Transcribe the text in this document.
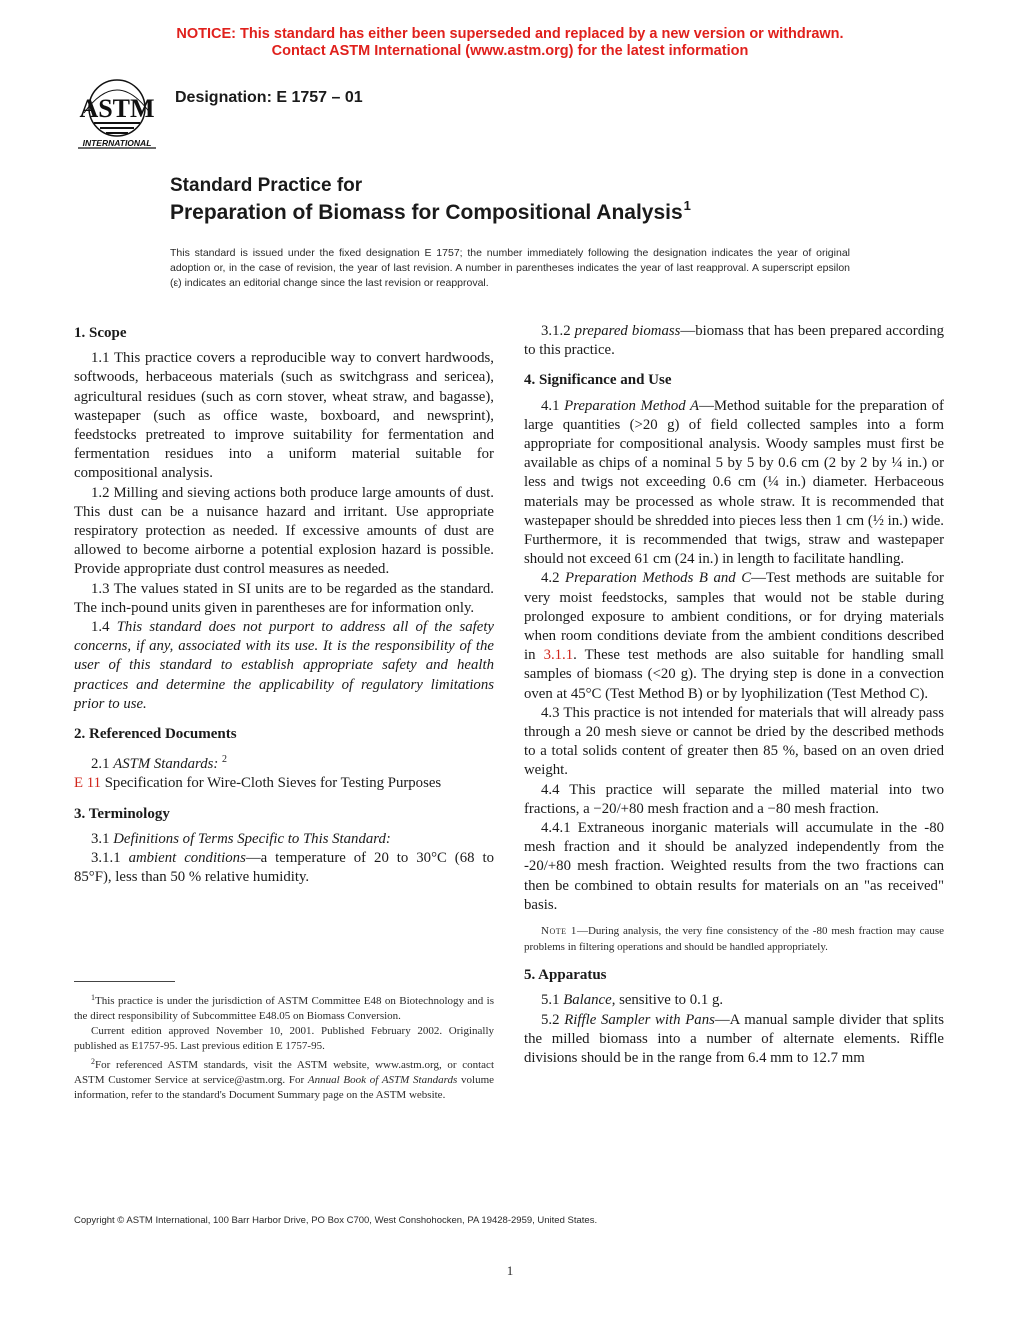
NOTICE: This standard has either been superseded and replaced by a new version or withdrawn.
Contact ASTM International (www.astm.org) for the latest information
ASTM
INTERNATIONAL
Designation: E 1757 – 01
Standard Practice for
Preparation of Biomass for Compositional Analysis$^1$
This standard is issued under the fixed designation E 1757; the number immediately following the designation indicates the year of original adoption or, in the case of revision, the year of last revision. A number in parentheses indicates the year of last reapproval. A superscript epsilon (ε) indicates an editorial change since the last revision or reapproval.
1. Scope

1.1 This practice covers a reproducible way to convert hardwoods, softwoods, herbaceous materials (such as switchgrass and sericea), agricultural residues (such as corn stover, wheat straw, and bagasse), wastepaper (such as office waste, boxboard, and newsprint), feedstocks pretreated to improve suitability for fermentation and fermentation residues into a uniform material suitable for compositional analysis.

1.2 Milling and sieving actions both produce large amounts of dust. This dust can be a nuisance hazard and irritant. Use appropriate respiratory protection as needed. If excessive amounts of dust are allowed to become airborne a potential explosion hazard is possible. Provide appropriate dust control measures as needed.

1.3 The values stated in SI units are to be regarded as the standard. The inch-pound units given in parentheses are for information only.

1.4 This standard does not purport to address all of the safety concerns, if any, associated with its use. It is the responsibility of the user of this standard to establish appropriate safety and health practices and determine the applicability of regulatory limitations prior to use.

2. Referenced Documents

2.1 ASTM Standards: $^2$

E 11 Specification for Wire-Cloth Sieves for Testing Purposes

3. Terminology

3.1 Definitions of Terms Specific to This Standard:

3.1.1 ambient conditions—a temperature of 20 to 30°C (68 to 85°F), less than 50 % relative humidity.

$^1$This practice is under the jurisdiction of ASTM Committee E48 on Biotechnology and is the direct responsibility of Subcommittee E48.05 on Biomass Conversion.

Current edition approved November 10, 2001. Published February 2002. Originally published as E1757-95. Last previous edition E 1757-95.

$^2$For referenced ASTM standards, visit the ASTM website, www.astm.org, or contact ASTM Customer Service at service@astm.org. For Annual Book of ASTM Standards volume information, refer to the standard's Document Summary page on the ASTM website.

3.1.2 prepared biomass—biomass that has been prepared according to this practice.

4. Significance and Use

4.1 Preparation Method A—Method suitable for the preparation of large quantities (>20 g) of field collected samples into a form appropriate for compositional analysis. Woody samples must first be available as chips of a nominal 5 by 5 by 0.6 cm (2 by 2 by ¼ in.) or less and twigs not exceeding 0.6 cm (¼ in.) diameter. Herbaceous materials may be processed as whole straw. It is recommended that wastepaper should be shredded into pieces less then 1 cm (½ in.) wide. Furthermore, it is recommended that twigs, straw and wastepaper should not exceed 61 cm (24 in.) in length to facilitate handling.

4.2 Preparation Methods B and C—Test methods are suitable for very moist feedstocks, samples that would not be stable during prolonged exposure to ambient conditions, or for drying materials when room conditions deviate from the ambient conditions described in 3.1.1. These test methods are also suitable for handling small samples of biomass (<20 g). The drying step is done in a convection oven at 45°C (Test Method B) or by lyophilization (Test Method C).

4.3 This practice is not intended for materials that will already pass through a 20 mesh sieve or cannot be dried by the described methods to a total solids content of greater then 85 %, based on an oven dried weight.

4.4 This practice will separate the milled material into two fractions, a −20/+80 mesh fraction and a −80 mesh fraction.

4.4.1 Extraneous inorganic materials will accumulate in the -80 mesh fraction and it should be analyzed independently from the -20/+80 mesh fraction. Weighted results from the two fractions can then be combined to obtain results for materials on an "as received" basis.

Note 1—During analysis, the very fine consistency of the -80 mesh fraction may cause problems in filtering operations and should be handled appropriately.
5. Apparatus

5.1 Balance, sensitive to 0.1 g.

5.2 Riffle Sampler with Pans—A manual sample divider that splits the milled biomass into a number of alternate elements. Riffle divisions should be in the range from 6.4 mm to 12.7 mm

Copyright © ASTM International, 100 Barr Harbor Drive, PO Box C700, West Conshohocken, PA 19428-2959, United States.
1
